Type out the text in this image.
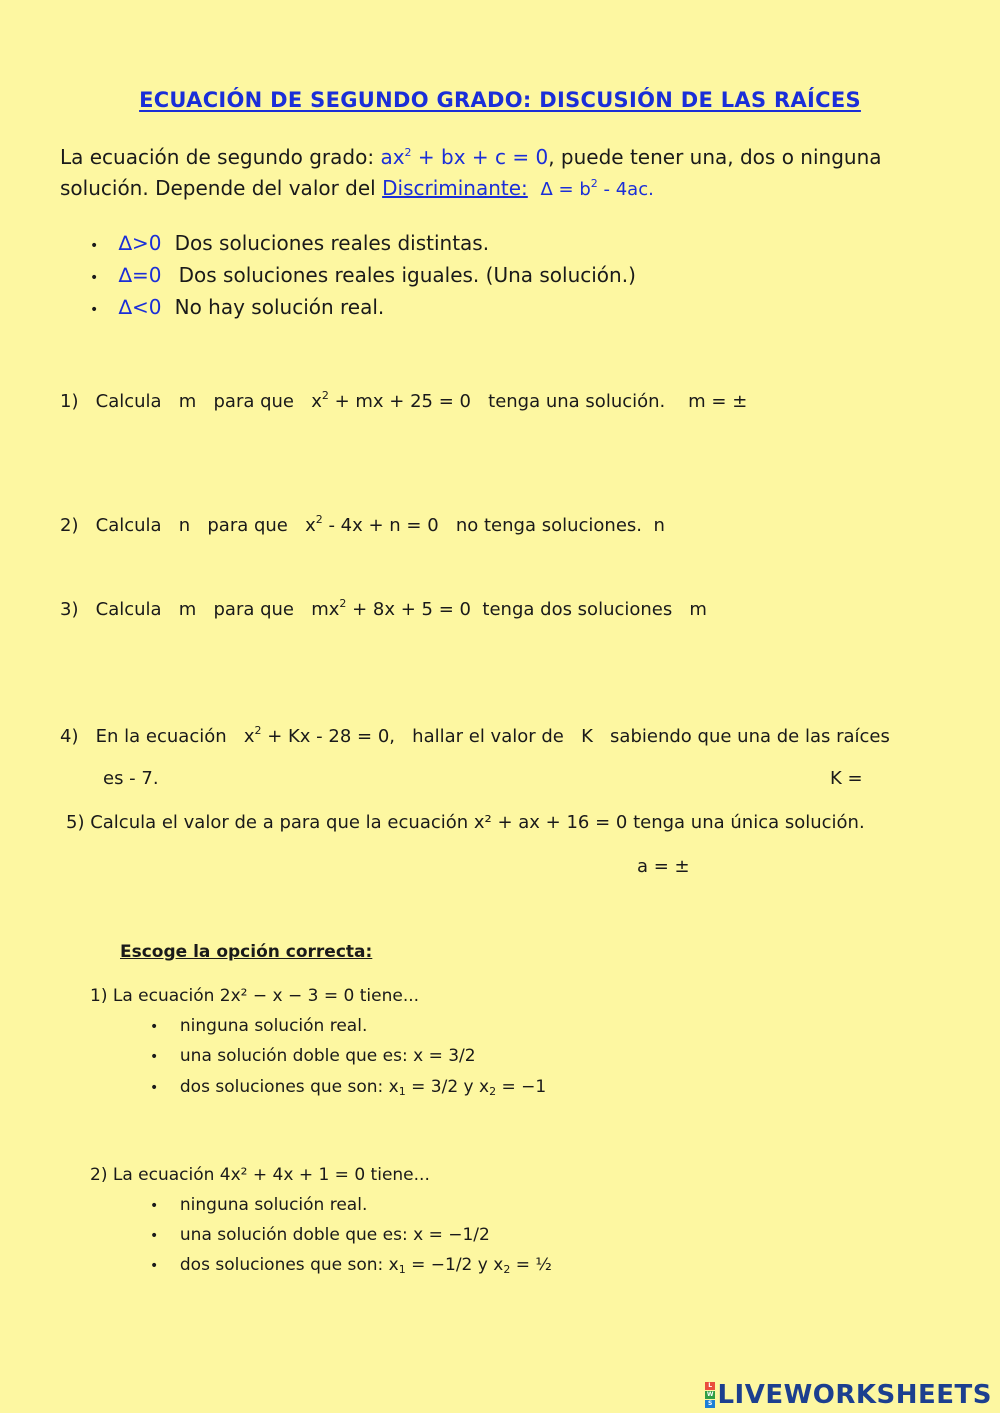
ECUACIÓN DE SEGUNDO GRADO: DISCUSIÓN DE LAS RAÍCES
La ecuación de segundo grado: $ax^2$ + bx + c = 0, puede tener una, dos o ninguna
solución. Depende del valor del Discriminante: $\Delta = b^2 - 4ac$.
• ∆>0 Dos soluciones reales distintas.
• ∆=0 Dos soluciones reales iguales. (Una solución.)
• ∆<0 No hay solución real.
1) Calcula m para que $x^2$ + mx + 25 = 0 tenga una solución. m = ±
2) Calcula n para que $x^2 - 4x + n = 0$ no tenga soluciones. n
3) Calcula m para que $mx^2 + 8x + 5 = 0$ tenga dos soluciones m
4) En la ecuación $x^2 + Kx - 28 = 0$, hallar el valor de K sabiendo que una de las raíces
es - 7.	K =
5) Calcula el valor de a para que la ecuación x² + ax + 16 = 0 tenga una única solución.
a = ±
Escoge la opción correcta:
1) La ecuación 2x² − x − 3 = 0 tiene...
• ninguna solución real.
• una solución doble que es: x = 3/2
• dos soluciones que son: $x_1 = 3/2$ y $x_2 = -1$
2) La ecuación 4x² + 4x + 1 = 0 tiene...
• ninguna solución real.
• una solución doble que es: x = −1/2
• dos soluciones que son: $x_1 = -1/2$ y $x_2$ = ½
L
W
S LIVEWORKSHEETS
